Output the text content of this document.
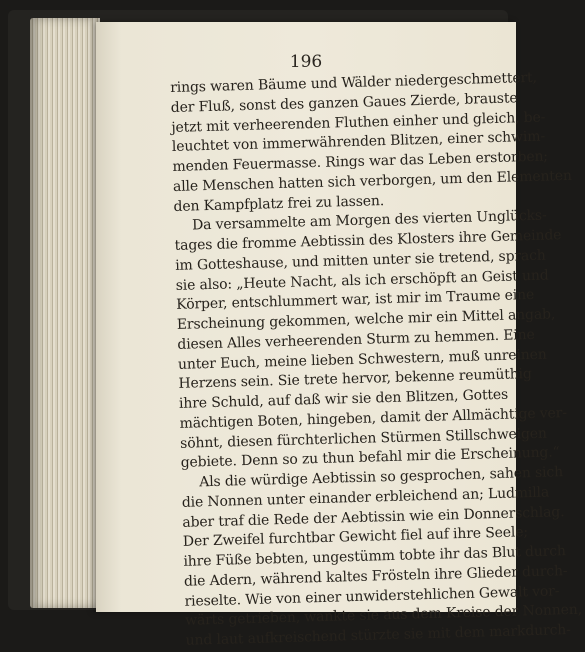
196
rings waren Bäume und Wälder niedergeschmettert,
der Fluß, sonst des ganzen Gaues Zierde, brauste
jetzt mit verheerenden Fluthen einher und gleich, be-
leuchtet von immerwährenden Blitzen, einer schwim-
menden Feuermasse. Rings war das Leben erstorben;
alle Menschen hatten sich verborgen, um den Elementen
den Kampfplatz frei zu lassen.
Da versammelte am Morgen des vierten Unglücks-
tages die fromme Aebtissin des Klosters ihre Gemeinde
im Gotteshause, und mitten unter sie tretend, sprach
sie also: „Heute Nacht, als ich erschöpft an Geist und
Körper, entschlummert war, ist mir im Traume eine
Erscheinung gekommen, welche mir ein Mittel angab,
diesen Alles verheerenden Sturm zu hemmen. Eine
unter Euch, meine lieben Schwestern, muß unreinen
Herzens sein. Sie trete hervor, bekenne reumüthig
ihre Schuld, auf daß wir sie den Blitzen, Gottes
mächtigen Boten, hingeben, damit der Allmächtige ver-
söhnt, diesen fürchterlichen Stürmen Stillschweigen
gebiete. Denn so zu thun befahl mir die Erscheinung.“
Als die würdige Aebtissin so gesprochen, sahen sich
die Nonnen unter einander erbleichend an; Ludmilla
aber traf die Rede der Aebtissin wie ein Donnerschlag.
Der Zweifel furchtbar Gewicht fiel auf ihre Seele;
ihre Füße bebten, ungestümm tobte ihr das Blut durch
die Adern, während kaltes Frösteln ihre Glieder durch-
rieselte. Wie von einer unwiderstehlichen Gewalt vor-
wärts getrieben, wankte sie aus dem Kreise der Nonnen,
und laut aufkreischend stürzte sie mit dem markdurch-
